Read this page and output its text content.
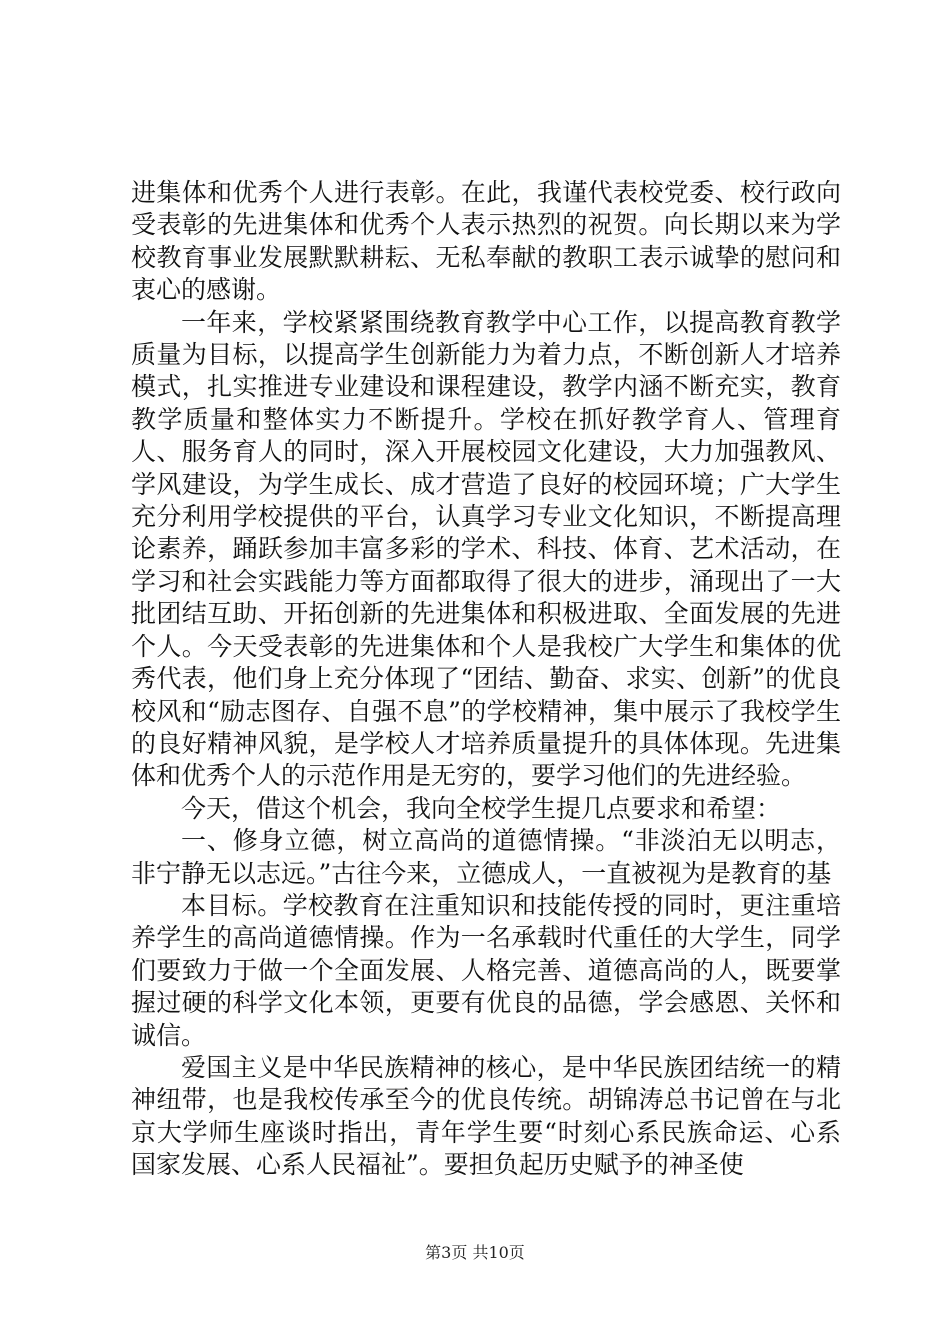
进集体和优秀个人进行表彰。在此，我谨代表校党委、校行政向受表彰的先进集体和优秀个人表示热烈的祝贺。向长期以来为学校教育事业发展默默耕耘、无私奉献的教职工表示诚挚的慰问和衷心的感谢。

一年来，学校紧紧围绕教育教学中心工作，以提高教育教学质量为目标，以提高学生创新能力为着力点，不断创新人才培养模式，扎实推进专业建设和课程建设，教学内涵不断充实，教育教学质量和整体实力不断提升。学校在抓好教学育人、管理育人、服务育人的同时，深入开展校园文化建设，大力加强教风、学风建设，为学生成长、成才营造了良好的校园环境；广大学生充分利用学校提供的平台，认真学习专业文化知识，不断提高理论素养，踊跃参加丰富多彩的学术、科技、体育、艺术活动，在学习和社会实践能力等方面都取得了很大的进步，涌现出了一大批团结互助、开拓创新的先进集体和积极进取、全面发展的先进个人。今天受表彰的先进集体和个人是我校广大学生和集体的优秀代表，他们身上充分体现了“团结、勤奋、求实、创新”的优良校风和“励志图存、自强不息”的学校精神，集中展示了我校学生的良好精神风貌，是学校人才培养质量提升的具体体现。先进集体和优秀个人的示范作用是无穷的，要学习他们的先进经验。

今天，借这个机会，我向全校学生提几点要求和希望：

一、修身立德，树立高尚的道德情操。“非淡泊无以明志，非宁静无以志远。”古往今来，立德成人，一直被视为是教育的基

本目标。学校教育在注重知识和技能传授的同时，更注重培养学生的高尚道德情操。作为一名承载时代重任的大学生，同学们要致力于做一个全面发展、人格完善、道德高尚的人，既要掌握过硬的科学文化本领，更要有优良的品德，学会感恩、关怀和诚信。

爱国主义是中华民族精神的核心，是中华民族团结统一的精神纽带，也是我校传承至今的优良传统。胡锦涛总书记曾在与北京大学师生座谈时指出，青年学生要“时刻心系民族命运、心系国家发展、心系人民福祉”。要担负起历史赋予的神圣使

第3页 共10页
